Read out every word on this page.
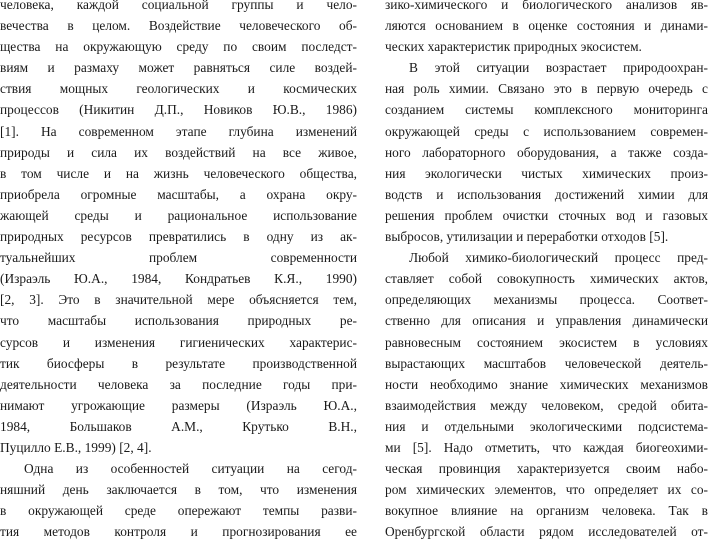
человека, каждой социальной группы и чело-
вечества в целом. Воздействие человеческого об-
щества на окружающую среду по своим последст-
виям и размаху может равняться силе воздей-
ствия мощных геологических и космических
процессов (Никитин Д.П., Новиков Ю.В., 1986)
[1]. На современном этапе глубина изменений
природы и сила их воздействий на все живое,
в том числе и на жизнь человеческого общества,
приобрела огромные масштабы, а охрана окру-
жающей среды и рациональное использование
природных ресурсов превратились в одну из ак-
туальнейших проблем современности
(Израэль Ю.А., 1984, Кондратьев К.Я., 1990)
[2, 3]. Это в значительной мере объясняется тем,
что масштабы использования природных ре-
сурсов и изменения гигиенических характерис-
тик биосферы в результате производственной
деятельности человека за последние годы при-
нимают угрожающие размеры (Израэль Ю.А.,
1984, Большаков А.М., Крутько В.Н.,
Пуцилло Е.В., 1999) [2, 4].
Одна из особенностей ситуации на сегод-
няшний день заключается в том, что изменения
в окружающей среде опережают темпы разви-
тия методов контроля и прогнозирования ее
зико-химического и биологического анализов яв-
ляются основанием в оценке состояния и динами-
ческих характеристик природных экосистем.
В этой ситуации возрастает природоохран-
ная роль химии. Связано это в первую очередь с
созданием системы комплексного мониторинга
окружающей среды с использованием современ-
ного лабораторного оборудования, а также созда-
ния экологически чистых химических произ-
водств и использования достижений химии для
решения проблем очистки сточных вод и газовых
выбросов, утилизации и переработки отходов [5].
Любой химико-биологический процесс пред-
ставляет собой совокупность химических актов,
определяющих механизмы процесса. Соответ-
ственно для описания и управления динамически
равновесным состоянием экосистем в условиях
вырастающих масштабов человеческой деятель-
ности необходимо знание химических механизмов
взаимодействия между человеком, средой обита-
ния и отдельными экологическими подсистема-
ми [5]. Надо отметить, что каждая биогеохими-
ческая провинция характеризуется своим набо-
ром химических элементов, что определяет их со-
вокупное влияние на организм человека. Так в
Оренбургской области рядом исследователей от-
